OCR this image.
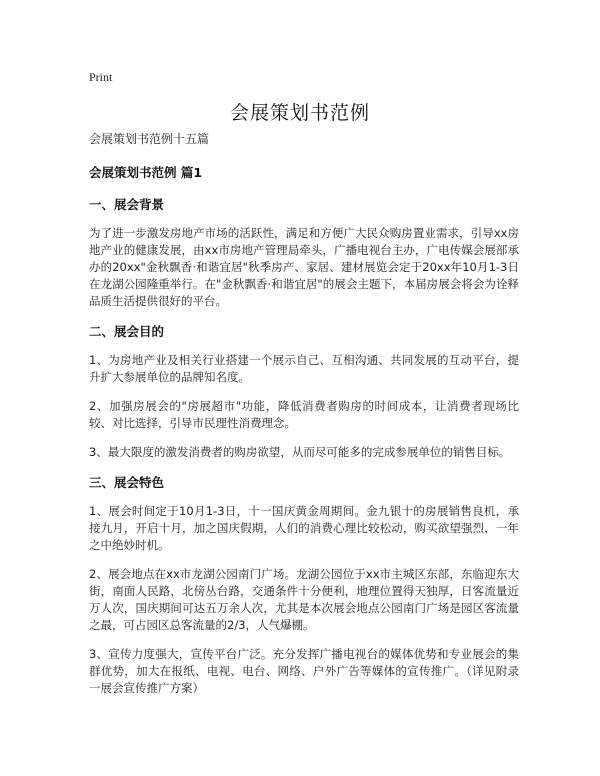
Print
会展策划书范例
会展策划书范例十五篇
会展策划书范例 篇1
一、展会背景

为了进一步激发房地产市场的活跃性，满足和方便广大民众购房置业需求，引导xx房地产业的健康发展，由xx市房地产管理局牵头，广播电视台主办，广电传媒会展部承办的20xx"金秋飘香·和谐宜居"秋季房产、家居、建材展览会定于20xx年10月1-3日在龙湖公园隆重举行。在"金秋飘香·和谐宜居"的展会主题下，本届房展会将会为诠释品质生活提供很好的平台。

二、展会目的

1、为房地产业及相关行业搭建一个展示自己、互相沟通、共同发展的互动平台，提升扩大参展单位的品牌知名度。

2、加强房展会的"房展超市"功能，降低消费者购房的时间成本，让消费者现场比较、对比选择，引导市民理性消费理念。

3、最大限度的激发消费者的购房欲望，从而尽可能多的完成参展单位的销售目标。

三、展会特色

1、展会时间定于10月1-3日，十一国庆黄金周期间。金九银十的房展销售良机，承接九月，开启十月，加之国庆假期，人们的消费心理比较松动，购买欲望强烈，一年之中绝妙时机。

2、展会地点在xx市龙湖公园南门广场。龙湖公园位于xx市主城区东部，东临迎东大街，南面人民路，北傍丛台路，交通条件十分便利，地理位置得天独厚，日客流量近万人次，国庆期间可达五万余人次，尤其是本次展会地点公园南门广场是园区客流量之最，可占园区总客流量的2/3，人气爆棚。

3、宣传力度强大，宣传平台广泛。充分发挥广播电视台的媒体优势和专业展会的集群优势，加大在报纸、电视、电台、网络、户外广告等媒体的宣传推广。（详见附录一展会宣传推广方案）
